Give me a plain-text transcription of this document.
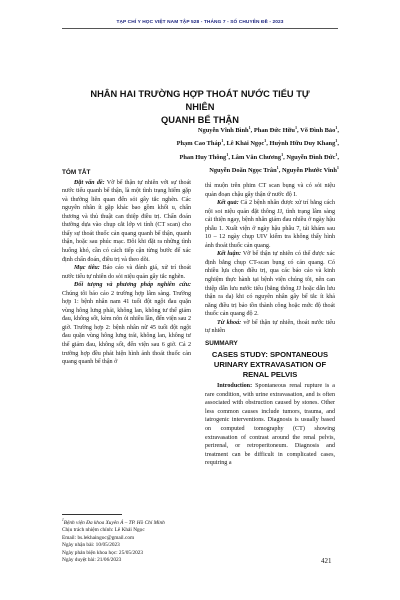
TẠP CHÍ Y HỌC VIỆT NAM TẬP 528 - THÁNG 7 - SỐ CHUYÊN ĐỀ - 2023
NHÂN HAI TRƯỜNG HỢP THOÁT NƯỚC TIỂU TỰ NHIÊN
QUANH BỂ THẬN
Nguyễn Vĩnh Bình$^1$, Phan Đức Hữu$^1$, Võ Đình Bảo$^1$,
Phạm Cao Tháp$^1$, Lê Khải Ngọc$^1$, Huỳnh Hữu Duy Khang$^1$,
Phan Huy Thông$^1$, Lâm Văn Chương$^1$, Nguyễn Đình Đức$^1$,
Nguyễn Doãn Ngọc Trân$^1$, Nguyễn Phước Vinh$^1$

TÓM TẮT

Đặt vấn đề: Vỡ bể thận tự nhiên với sự thoát nước tiểu quanh bể thận, là một tình trạng hiếm gặp và thường liên quan đến sỏi gây tắc nghẽn. Các nguyên nhân ít gặp khác bao gồm khối u, chấn thương và thủ thuật can thiệp điều trị. Chẩn đoán thường dựa vào chụp cắt lớp vi tính (CT scan) cho thấy sự thoát thuốc cản quang quanh bể thận, quanh thận, hoặc sau phúc mạc. Đôi khi đặt ra những tình huống khó, cần có cách tiếp cận từng bước để xác định chẩn đoán, điều trị và theo dõi.

Mục tiêu: Báo cáo và đánh giá, xử trí thoát nước tiểu tự nhiên do sỏi niệu quản gây tắc nghẽn.

Đối tượng và phương pháp nghiên cứu: Chúng tôi báo cáo 2 trường hợp lâm sàng. Trường hợp 1: bệnh nhân nam 41 tuổi đột ngột đau quặn vùng hông lưng phải, không lan, không tư thế giảm đau, không sốt, kèm nôn ói nhiều lần, đến viện sau 2 giờ. Trường hợp 2: bệnh nhân nữ 45 tuổi đột ngột đau quặn vùng hông lưng trái, không lan, không tư thế giảm đau, không sốt, đến viện sau 6 giờ. Cả 2 trường hợp đều phát hiện hình ảnh thoát thuốc cản quang quanh bể thận ở

thì muộn trên phim CT scan bụng và có sỏi niệu quản đoạn chậu gây thận ứ nước độ I.

Kết quả: Cả 2 bệnh nhân được xử trí bằng cách nội soi niệu quản đặt thông JJ, tình trạng lâm sàng cải thiện ngay, bệnh nhân giảm đau nhiều ở ngày hậu phẫu 1. Xuất viện ở ngày hậu phẫu 7, tái khám sau 10 – 12 ngày chụp UIV kiểm tra không thấy hình ảnh thoát thuốc cản quang.

Kết luận: Vỡ bể thận tự nhiên có thể được xác định bằng chụp CT-scan bụng có cản quang. Có nhiều lựa chọn điều trị, qua các báo cáo và kinh nghiệm thực hành tại bệnh viện chúng tôi, nên can thiệp dẫn lưu nước tiểu (bằng thông JJ hoặc dẫn lưu thận ra da) khi có nguyên nhân gây bế tắc ít khả năng điều trị bảo tồn thành công hoặc mức độ thoát thuốc cản quang độ 2.

Từ khoá: vỡ bể thận tự nhiên, thoát nước tiểu tự nhiên

SUMMARY

CASES STUDY: SPONTANEOUS URINARY EXTRAVASATION OF RENAL PELVIS

Introduction: Spontaneous renal rupture is a rare condition, with urine extravasation, and is often associated with obstruction caused by stones. Other less common causes include tumors, trauma, and iatrogenic interventions. Diagnosis is usually based on computed tomography (CT) showing extravasation of contrast around the renal pelvis, perirenal, or retroperitoneum. Diagnosis and treatment can be difficult in complicated cases, requiring a

$^1$Bệnh viện Đa khoa Xuyên Á – TP. Hồ Chí Minh

Chịu trách nhiệm chính: Lê Khải Ngọc

Email: bs.lekhaingoc@gmail.com

Ngày nhận bài: 10/05/2023

Ngày phản biện khoa học: 25/05/2023

Ngày duyệt bài: 21/06/2023	421
